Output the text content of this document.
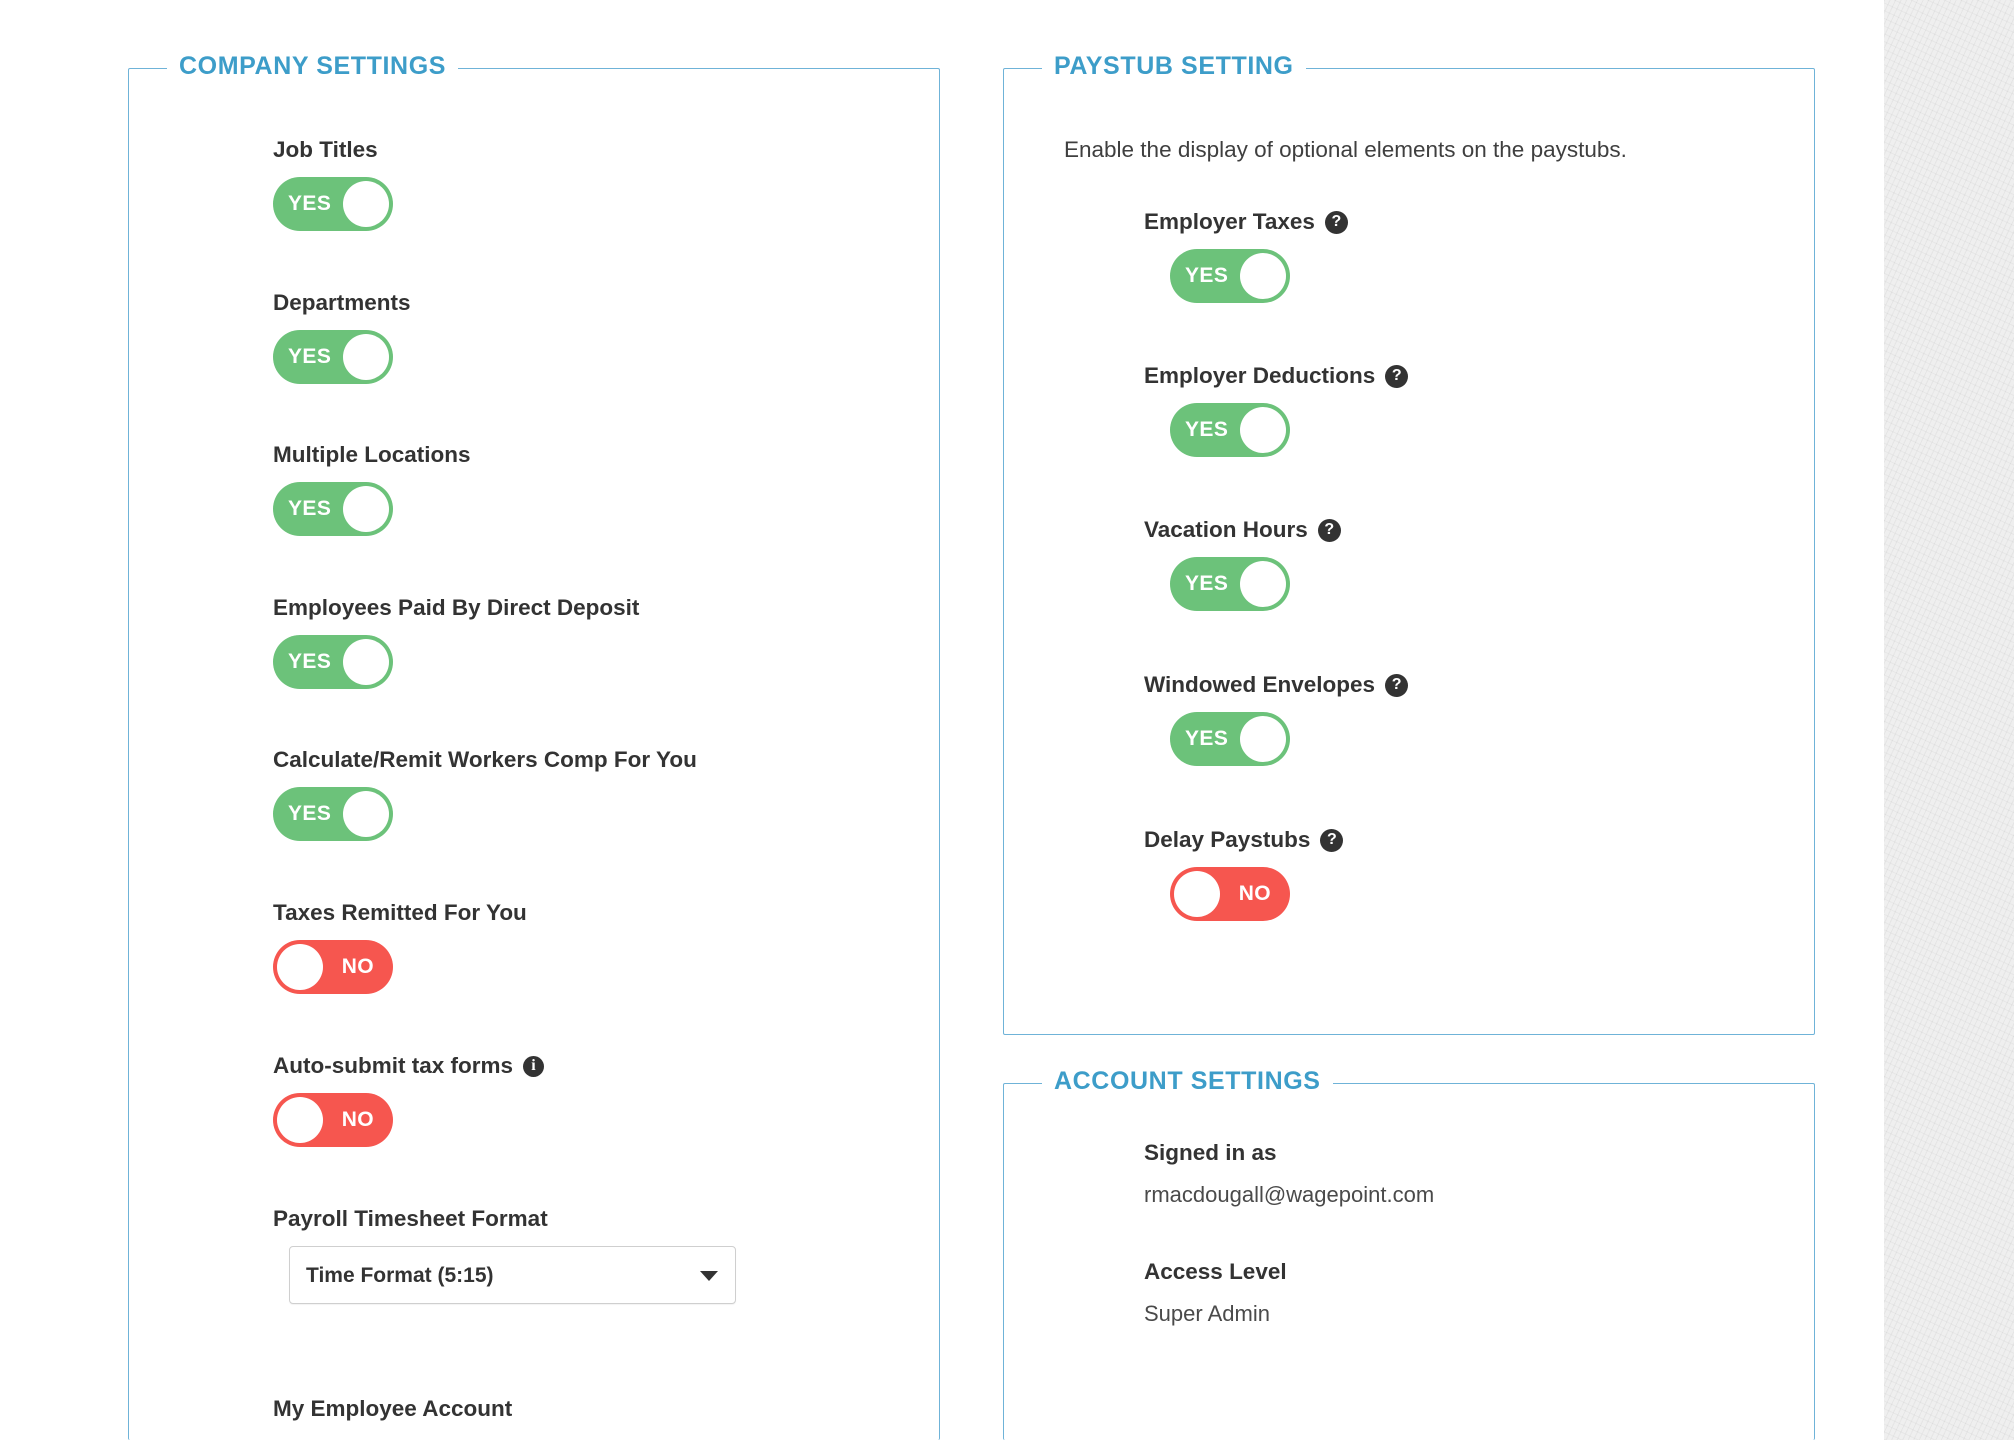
COMPANY SETTINGS
Job Titles
YES
Departments
YES
Multiple Locations
YES
Employees Paid By Direct Deposit
YES
Calculate/Remit Workers Comp For You
YES
Taxes Remitted For You
NO
Auto-submit tax forms	i
NO
Payroll Timesheet Format
Time Format (5:15)
My Employee Account
PAYSTUB SETTING
Enable the display of optional elements on the paystubs.
Employer Taxes	?
YES
Employer Deductions	?
YES
Vacation Hours	?
YES
Windowed Envelopes	?
YES
Delay Paystubs	?
NO
ACCOUNT SETTINGS
Signed in as
rmacdougall@wagepoint.com
Access Level
Super Admin
